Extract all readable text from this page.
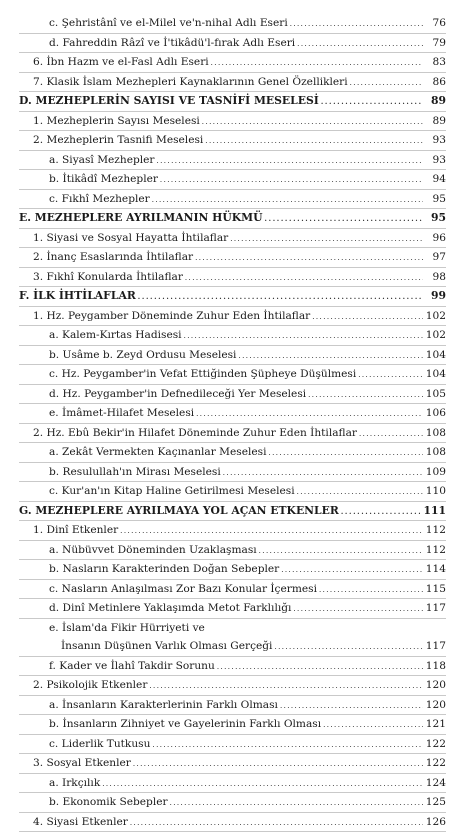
c. Şehristânî ve el-Milel ve'n-nihal Adlı Eseri . . .	76
d. Fahreddin Râzî ve İ'tikâdü'l-fırak Adlı Eseri . . .	79
6. İbn Hazm ve el-Fasl Adlı Eseri . . .	83
7. Klasik İslam Mezhepleri Kaynaklarının Genel Özellikleri . . .	86
D. MEZHEPLERİN SAYISI VE TASNİFİ MESELESİ . . .	89
1. Mezheplerin Sayısı Meselesi . . .	89
2. Mezheplerin Tasnifi Meselesi . . .	93
a. Siyasî Mezhepler . . .	93
b. İtikâdî Mezhepler . . .	94
c. Fıkhî Mezhepler . . .	95
E. MEZHEPLERE AYRILMANIN HÜKMÜ . . .	95
1. Siyasi ve Sosyal Hayatta İhtilaflar . . .	96
2. İnanç Esaslarında İhtilaflar . . .	97
3. Fıkhî Konularda İhtilaflar . . .	98
F. İLK İHTİLAFLAR . . .	99
1. Hz. Peygamber Döneminde Zuhur Eden İhtilaflar . . .	102
a. Kalem-Kırtas Hadisesi . . .	102
b. Usâme b. Zeyd Ordusu Meselesi . . .	104
c. Hz. Peygamber'in Vefat Ettiğinden Şüpheye Düşülmesi . . .	104
d. Hz. Peygamber'in Defnedileceği Yer Meselesi . . .	105
e. İmâmet-Hilafet Meselesi . . .	106
2. Hz. Ebû Bekir'in Hilafet Döneminde Zuhur Eden İhtilaflar . . .	108
a. Zekât Vermekten Kaçınanlar Meselesi . . .	108
b. Resulullah'ın Mirası Meselesi . . .	109
c. Kur'an'ın Kitap Haline Getirilmesi Meselesi . . .	110
G. MEZHEPLERE AYRILMAYA YOL AÇAN ETKENLER . . .	111
1. Dinî Etkenler . . .	112
a. Nübüvvet Döneminden Uzaklaşması . . .	112
b. Nasların Karakterinden Doğan Sebepler . . .	114
c. Nasların Anlaşılması Zor Bazı Konular İçermesi . . .	115
d. Dinî Metinlere Yaklaşımda Metot Farklılığı . . .	117
e. İslam'da Fikir Hürriyeti ve
İnsanın Düşünen Varlık Olması Gerçeği . . .	117
f. Kader ve İlahî Takdir Sorunu . . .	118
2. Psikolojik Etkenler . . .	120
a. İnsanların Karakterlerinin Farklı Olması . . .	120
b. İnsanların Zihniyet ve Gayelerinin Farklı Olması . . .	121
c. Liderlik Tutkusu . . .	122
3. Sosyal Etkenler . . .	122
a. Irkçılık . . .	124
b. Ekonomik Sebepler . . .	125
4. Siyasi Etkenler . . .	126
